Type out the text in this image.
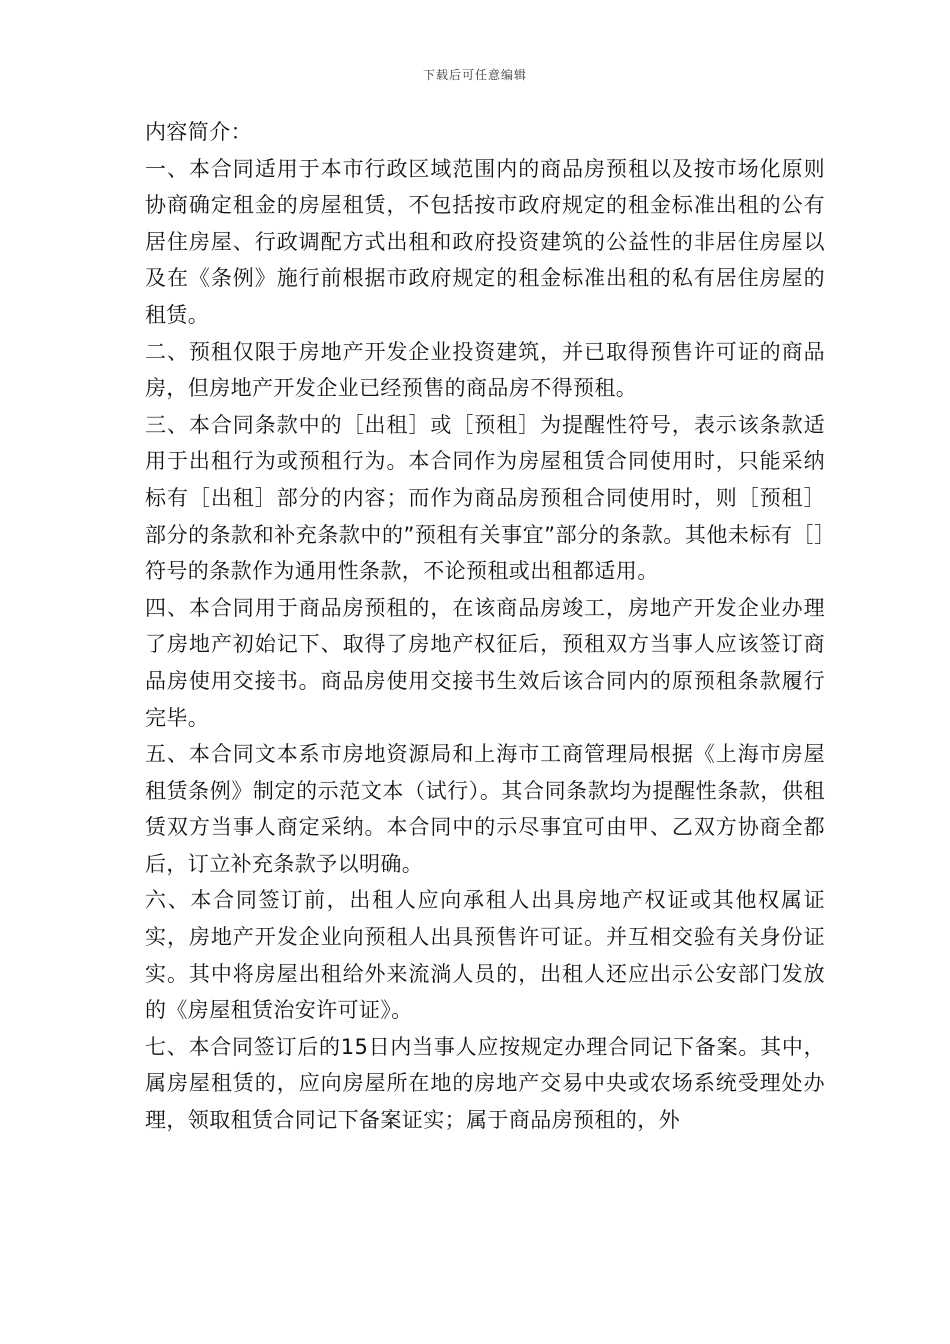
下载后可任意编辑

内容简介：

一、本合同适用于本市行政区域范围内的商品房预租以及按市场化原则协商确定租金的房屋租赁，不包括按市政府规定的租金标准出租的公有居住房屋、行政调配方式出租和政府投资建筑的公益性的非居住房屋以及在《条例》施行前根据市政府规定的租金标准出租的私有居住房屋的租赁。

二、预租仅限于房地产开发企业投资建筑，并已取得预售许可证的商品房，但房地产开发企业已经预售的商品房不得预租。

三、本合同条款中的［出租］或［预租］为提醒性符号，表示该条款适用于出租行为或预租行为。本合同作为房屋租赁合同使用时，只能采纳标有［出租］部分的内容；而作为商品房预租合同使用时，则［预租］部分的条款和补充条款中的”预租有关事宜”部分的条款。其他未标有［］符号的条款作为通用性条款，不论预租或出租都适用。

四、本合同用于商品房预租的，在该商品房竣工，房地产开发企业办理了房地产初始记下、取得了房地产权征后，预租双方当事人应该签订商品房使用交接书。商品房使用交接书生效后该合同内的原预租条款履行完毕。

五、本合同文本系市房地资源局和上海市工商管理局根据《上海市房屋租赁条例》制定的示范文本（试行）。其合同条款均为提醒性条款，供租赁双方当事人商定采纳。本合同中的示尽事宜可由甲、乙双方协商全都后，订立补充条款予以明确。

六、本合同签订前，出租人应向承租人出具房地产权证或其他权属证实，房地产开发企业向预租人出具预售许可证。并互相交验有关身份证实。其中将房屋出租给外来流淌人员的，出租人还应出示公安部门发放的《房屋租赁治安许可证》。

七、本合同签订后的15日内当事人应按规定办理合同记下备案。其中，属房屋租赁的，应向房屋所在地的房地产交易中央或农场系统受理处办理，领取租赁合同记下备案证实；属于商品房预租的，外
